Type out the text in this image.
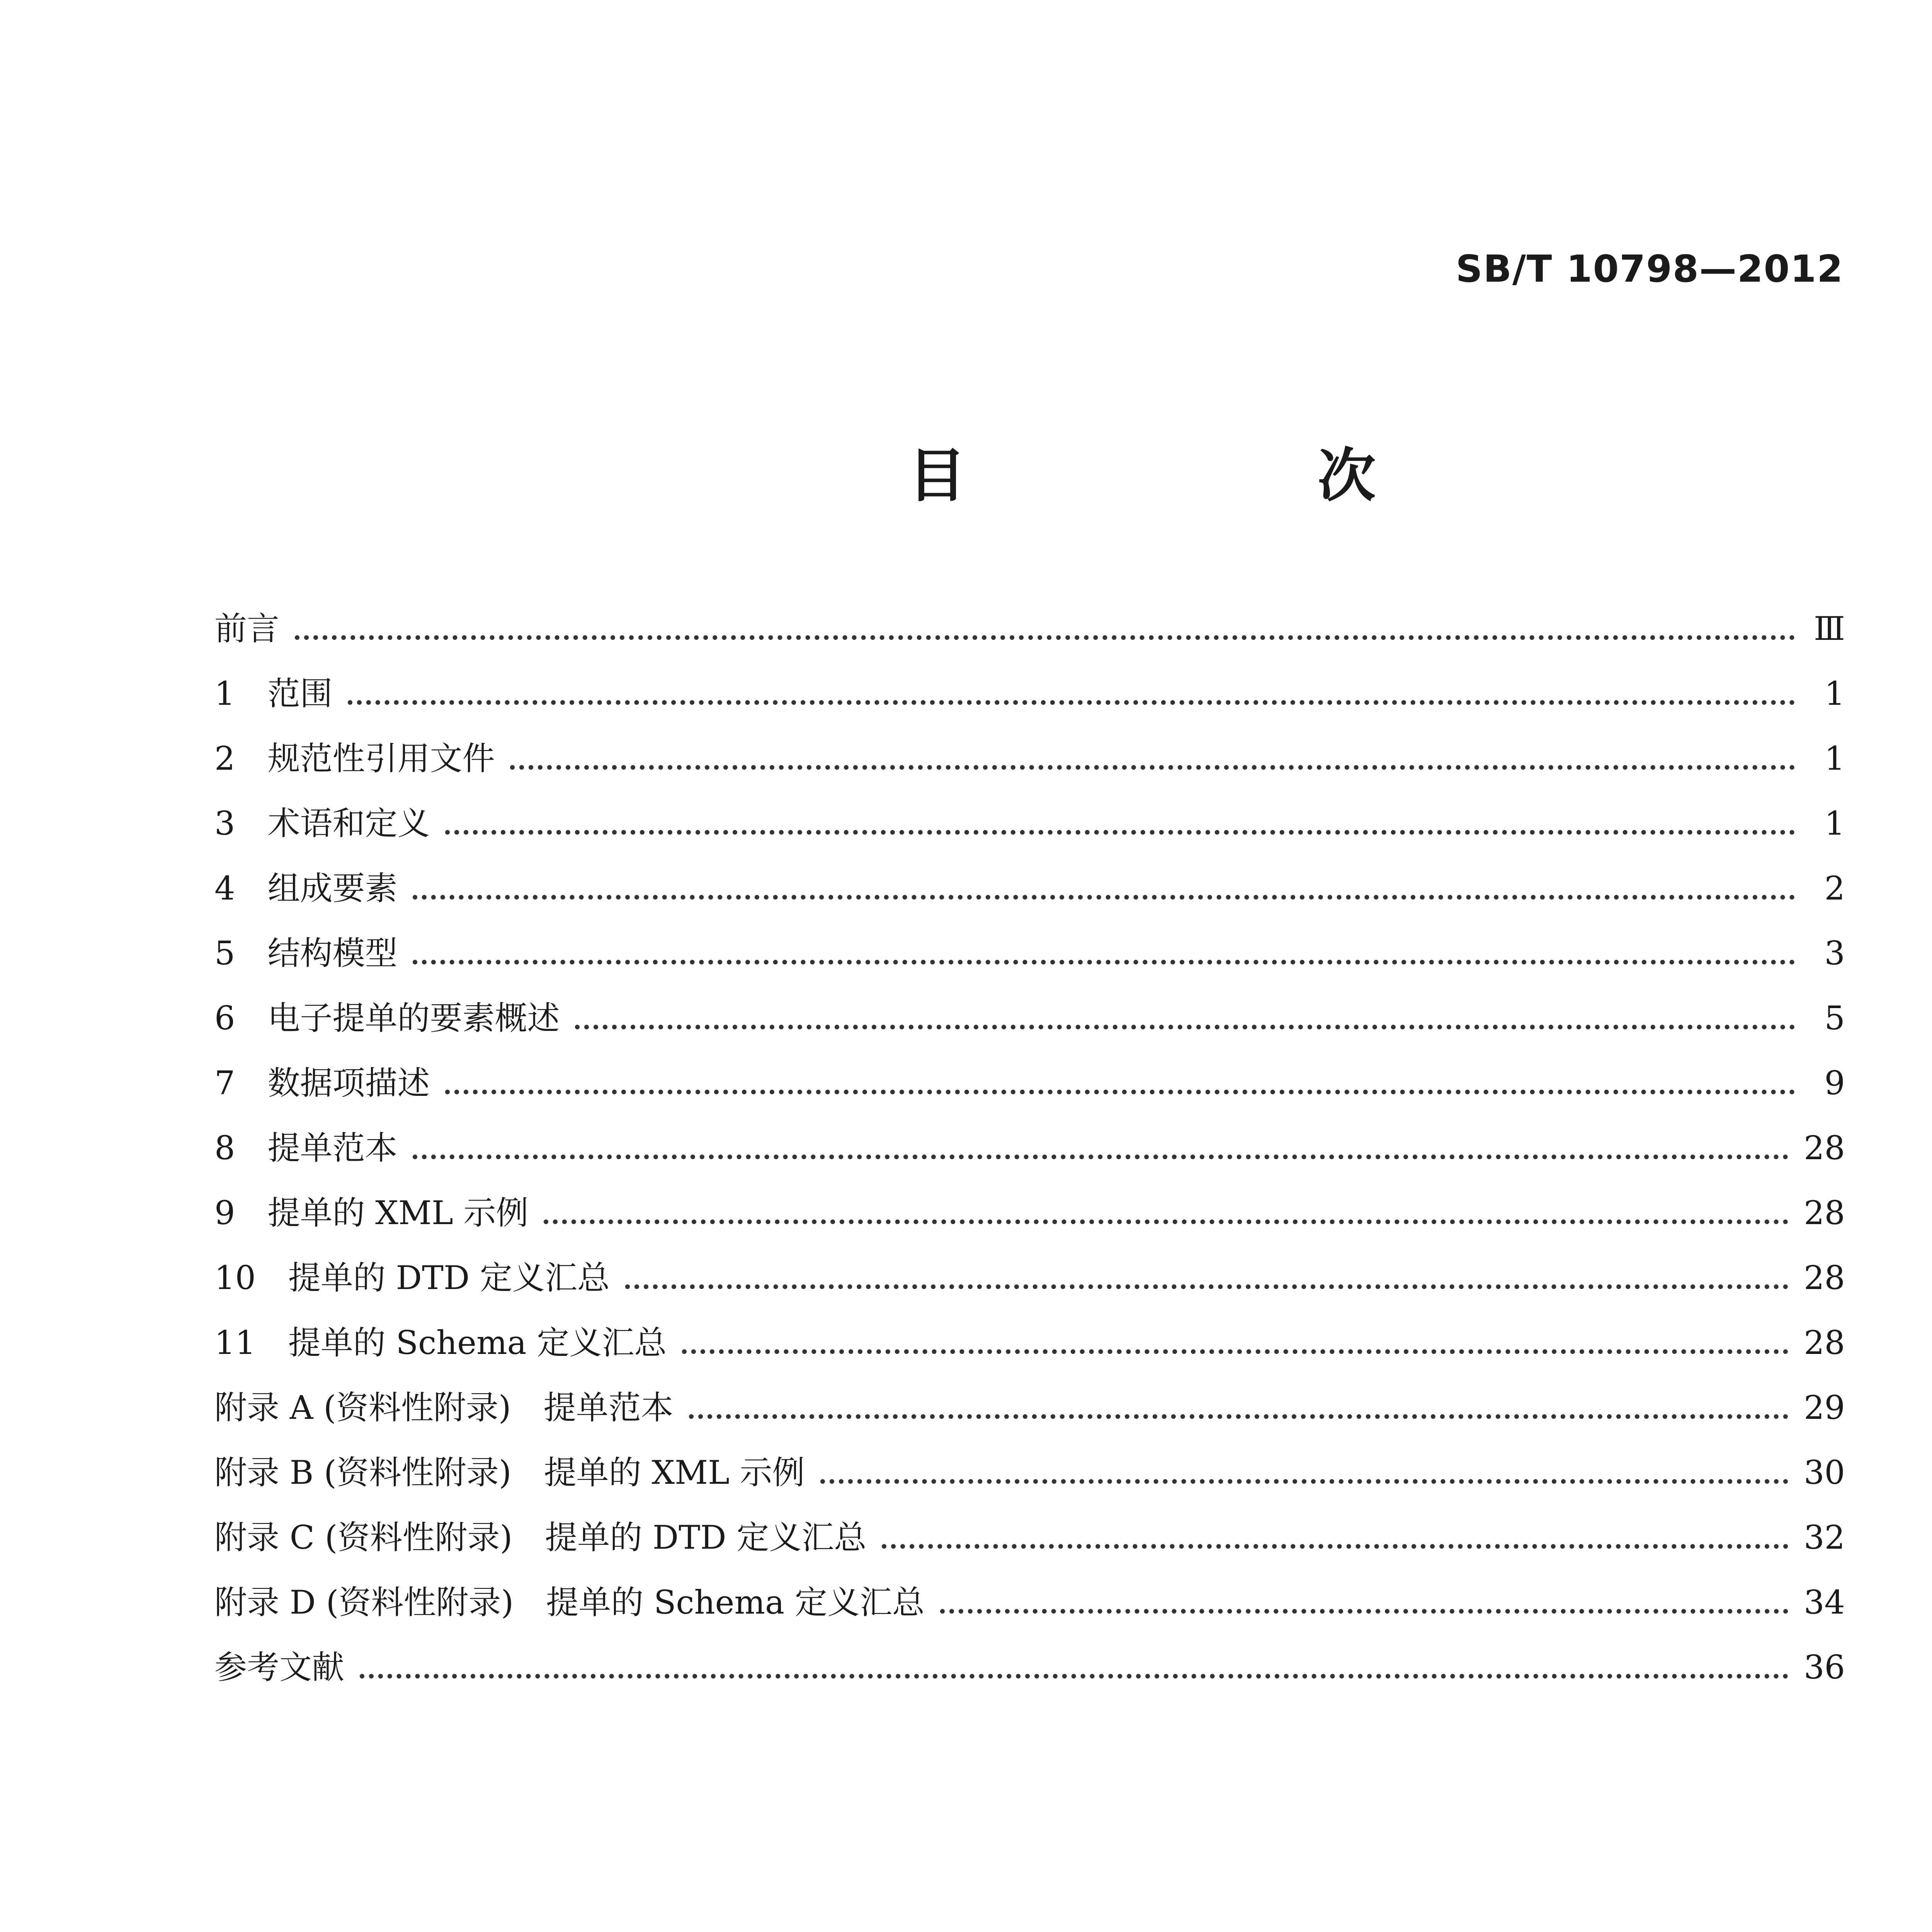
SB/T 10798—2012
目　次
前言	Ⅲ
1　范围	1
2　规范性引用文件	1
3　术语和定义	1
4　组成要素	2
5　结构模型	3
6　电子提单的要素概述	5
7　数据项描述	9
8　提单范本	28
9　提单的 XML 示例	28
10　提单的 DTD 定义汇总	28
11　提单的 Schema 定义汇总	28
附录 A (资料性附录)　提单范本	29
附录 B (资料性附录)　提单的 XML 示例	30
附录 C (资料性附录)　提单的 DTD 定义汇总	32
附录 D (资料性附录)　提单的 Schema 定义汇总	34
参考文献	36
